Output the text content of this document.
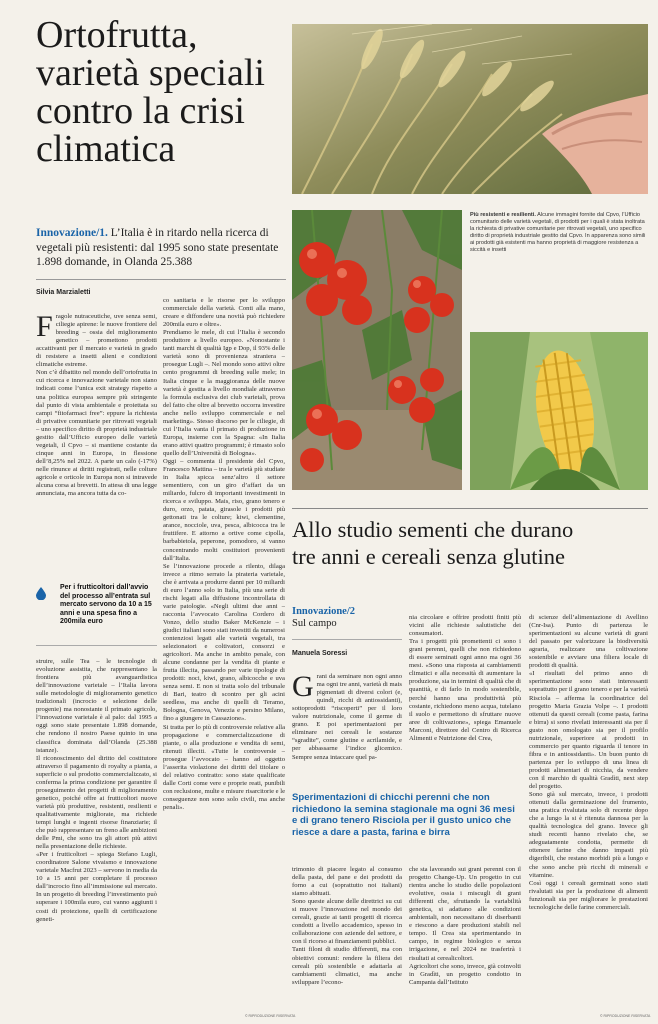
Ortofrutta,
varietà speciali
contro la crisi
climatica
Innovazione/1. L’Italia è in ritardo nella ricerca di vegetali più resistenti: dal 1995 sono state presentate 1.898 domande, in Olanda 25.388
Silvia Marzialetti

Fragole nutraceutiche, uve senza semi, ciliegie apirene: le nuove frontiere del breeding – ossia del miglioramento genetico – promettono prodotti accattivanti per il mercato e varietà in grado di resistere a insetti alieni e condizioni climatiche estreme.
Non c’è dibattito nel mondo dell’ortofrutta in cui ricerca e innovazione varietale non siano indicati come l’unica exit strategy rispetto a una politica europea sempre più stringente dal punto di vista ambientale e proiettata su campi “fitofarmaci free”: eppure la richiesta di privative comunitarie per ritrovati vegetali – uno specifico diritto di proprietà industriale gestito dall’Ufficio europeo delle varietà vegetali, il Cpvo – si mantiene costante da cinque anni in Europa, in flessione dell’8,25% nel 2022. A parte un calo (-17%) nelle rinunce ai diritti registrati, nelle colture agricole e orticole in Europa non si intravede alcuna corsa ai brevetti. In attesa di una legge annunciata, ma ancora tutta da co-

Per i frutticoltori dall’avvio del processo all’entrata sul mercato servono da 10 a 15 anni e una spesa fino a 200mila euro

struire, sulle Tea – le tecnologie di evoluzione assistita, che rappresentano la frontiera più avanguardistica dell’innovazione varietale – l’Italia lavora sulle metodologie di miglioramento genetico tradizionali (incrocio e selezione delle progenie) ma nonostante il primato agricolo, l’innovazione varietale è al palo: dal 1995 a oggi sono state presentate 1.898 domande, che rendono il nostro Paese quinto in una classifica dominata dall’Olanda (25.388 istanze).
Il riconoscimento del diritto del costitutore attraverso il pagamento di royalty a pianta, a superficie o sul prodotto commercializzato, si conferma la prima condizione per garantire il proseguimento dei progetti di miglioramento genetico, poiché offre ai frutticoltori nuove varietà più produttive, resistenti, resilienti e qualitativamente migliorate, ma richiede tempi lunghi e ingenti risorse finanziarie; il che può rappresentare un freno alle ambizioni delle Pmi, che sono tra gli attori più attivi nella presentazione delle richieste.
«Per i frutticoltori – spiega Stefano Lugli, coordinatore Salone vivaismo e innovazione varietale Macfrut 2023 – servono in media da 10 a 15 anni per completare il processo dall’incrocio fino all’immissione sul mercato. In un progetto di breeding l’investimento può superare i 100mila euro, cui vanno aggiunti i costi di protezione, quelli di certificazione geneti-

co sanitaria e le risorse per lo sviluppo commerciale della varietà. Conti alla mano, creare e diffondere una novità può richiedere 200mila euro e oltre».
Prendiamo le mele, di cui l’Italia è secondo produttore a livello europeo. «Nonostante i tanti marchi di qualità Igp e Dop, il 93% delle varietà sono di provenienza straniera – prosegue Lugli –. Nel mondo sono attivi oltre cento programmi di breeding sulle mele; in Italia cinque e la maggioranza delle nuove varietà è gestita a livello mondiale attraverso la formula esclusiva dei club varietali, prova del fatto che oltre al brevetto occorra investire anche nello sviluppo commerciale e nel marketing». Stesso discorso per le ciliegie, di cui l’Italia vanta il primato di produzione in Europa, insieme con la Spagna: «In Italia erano attivi quattro programmi; è rimasto solo quello dell’Università di Bologna».
Oggi – commenta il presidente del Cpvo, Francesco Mattina – tra le varietà più studiate in Italia spicca senz’altro il settore sementiero, con un giro d’affari da un miliardo, fulcro di importanti investimenti in ricerca e sviluppo. Mais, riso, grano tenero e duro, orzo, patata, girasole i prodotti più gettonati tra le colture; kiwi, clementine, arance, nocciole, uva, pesca, albicocca tra le fruttifere. E attorno a ortive come cipolla, barbabietola, peperone, pomodoro, si vanno concentrando molti costitutori provenienti dall’Italia.
Se l’innovazione procede a rilento, dilaga invece a ritmo serrato la pirateria varietale, che è arrivata a produrre danni per 10 miliardi di euro l’anno solo in Italia, più una serie di rischi legati alla diffusione incontrollata di varie patologie. «Negli ultimi due anni – racconta l’avvocato Carolina Cordero di Vonzo, dello studio Baker McKenzie – i giudici italiani sono stati investiti da numerosi contenziosi legati alle varietà vegetali, tra selezionatori e coltivatori, consorzi e agricoltori. Ma anche in ambito penale, con alcune condanne per la vendita di piante e frutta illecita, passando per varie tipologie di prodotti: noci, kiwi, grano, albicocche e uva senza semi. E non si tratta solo del tribunale di Bari, teatro di scontro per gli acini seedless, ma anche di quelli di Teramo, Bologna, Genova, Venezia e persino Milano, fino a giungere in Cassazione».
Si tratta per lo più di controversie relative alla propagazione e commercializzazione di piante, o alla produzione e vendita di semi, ritenuti illeciti. «Tutte le controversie – prosegue l’avvocato – hanno ad oggetto l’asserita violazione dei diritti del titolare o del relativo contratto: sono state qualificate dalle Corti come vere e proprie reati, punibili con reclusione, multe e misure risarcitorie e le conseguenze non sono solo civili, ma anche penali».

© RIPRODUZIONE RISERVATA
Più resistenti e resilienti. Alcune immagini fornite dal Cpvo, l’Ufficio comunitario delle varietà vegetali, di prodotti per i quali è stata inoltrata la richiesta di privative comunitarie per ritrovati vegetali, uno specifico diritto di proprietà industriale gestito dal Cpvo. In apparenza sono simili ai prodotti già esistenti ma hanno proprietà di maggiore resistenza a siccità e insetti
Allo studio sementi che durano
tre anni e cereali senza glutine
Innovazione/2
Sul campo
Manuela Soressi

Grani da seminare non ogni anno ma ogni tre anni, varietà di mais pigmentati di diversi colori (e, quindi, ricchi di antiossidanti), sottoprodotti “riscoperti” per il loro valore nutrizionale, come il germe di grano. E poi sperimentazioni per eliminare nei cereali le sostanze “sgradite”, come glutine e acrilamide, e per abbassarne l’indice glicemico. Sempre senza intaccare quel pa-

nia circolare e offrire prodotti finiti più vicini alle richieste salutistiche dei consumatori.
Tra i progetti più promettenti ci sono i grani perenni, quelli che non richiedono di essere seminati ogni anno ma ogni 36 mesi. «Sono una risposta ai cambiamenti climatici e alla necessità di aumentare la produzione, sia in termini di qualità che di quantità, e di farlo in modo sostenibile, perché hanno una produttività più costante, richiedono meno acqua, tutelano il suolo e permettono di sfruttare nuove aree di coltivazione», spiega Emanuele Marconi, direttore del Centro di Ricerca Alimenti e Nutrizione del Crea,

di scienze dell’alimentazione di Avellino (Cnr-Isa). Punto di partenza le sperimentazioni su alcune varietà di grani del passato per valorizzare la biodiversità agraria, realizzare una coltivazione sostenibile e avviare una filiera locale di prodotti di qualità.
«I risultati del primo anno di sperimentazione sono stati interessanti soprattutto per il grano tenero e per la varietà Risciola – afferma la coordinatrice del progetto Maria Grazia Volpe –. I prodotti ottenuti da questi cereali (come pasta, farina e birra) si sono rivelati interessanti sia per il gusto non omologato sia per il profilo nutrizionale, superiore ai prodotti in commercio per quanto riguarda il tenore in fibra e in antiossidanti». Un buon punto di partenza per lo sviluppo di una linea di prodotti alimentari di nicchia, da vendere con il marchio di qualità Gradìti, next step del progetto.
Sono già sul mercato, invece, i prodotti ottenuti dalla germinazione del frumento, una pratica rivalutata solo di recente dopo che a lungo la si è ritenuta dannosa per la qualità tecnologica del grano. Invece gli studi recenti hanno rivelato che, se adeguatamente condotta, permette di ottenere farine che danno impasti più digeribili, che restano morbidi più a lungo e che sono anche più ricchi di minerali e vitamine.
Così oggi i cereali germinati sono stati rivalutati sia per la produzione di alimenti funzionali sia per migliorare le prestazioni tecnologiche delle farine commerciali.

© RIPRODUZIONE RISERVATA
Sperimentazioni di chicchi perenni che non richiedono la semina stagionale ma ogni 36 mesi e di grano tenero Risciola per il gusto unico che riesce a dare a pasta, farina e birra
trimonio di piacere legato al consumo della pasta, del pane e dei prodotti da forno a cui (soprattutto noi italiani) siamo abituati.
Sono queste alcune delle direttrici su cui si muove l’innovazione nel mondo dei cereali, grazie ai tanti progetti di ricerca condotti a livello accademico, spesso in collaborazione con aziende del settore, e con il ricorso ai finanziamenti pubblici.
Tanti filoni di studio differenti, ma con obiettivi comuni: rendere la filiera dei cereali più sostenibile e adattarla ai cambiamenti climatici, ma anche sviluppare l’econo-
che sta lavorando sui grani perenni con il progetto Change-Up. Un progetto in cui rientra anche lo studio delle popolazioni evolutive, ossia i miscugli di grani differenti che, sfruttando la variabilità genetica, si adattano alle condizioni ambientali, non necessitano di diserbanti e riescono a dare produzioni stabili nel tempo. Il Crea sta sperimentando in campo, in regime biologico e senza irrigazione, e nel 2024 ne trasferirà i risultati ai cerealicoltori.
Agricoltori che sono, invece, già coinvolti in Gradìti, un progetto condotto in Campania dall’Istituto
